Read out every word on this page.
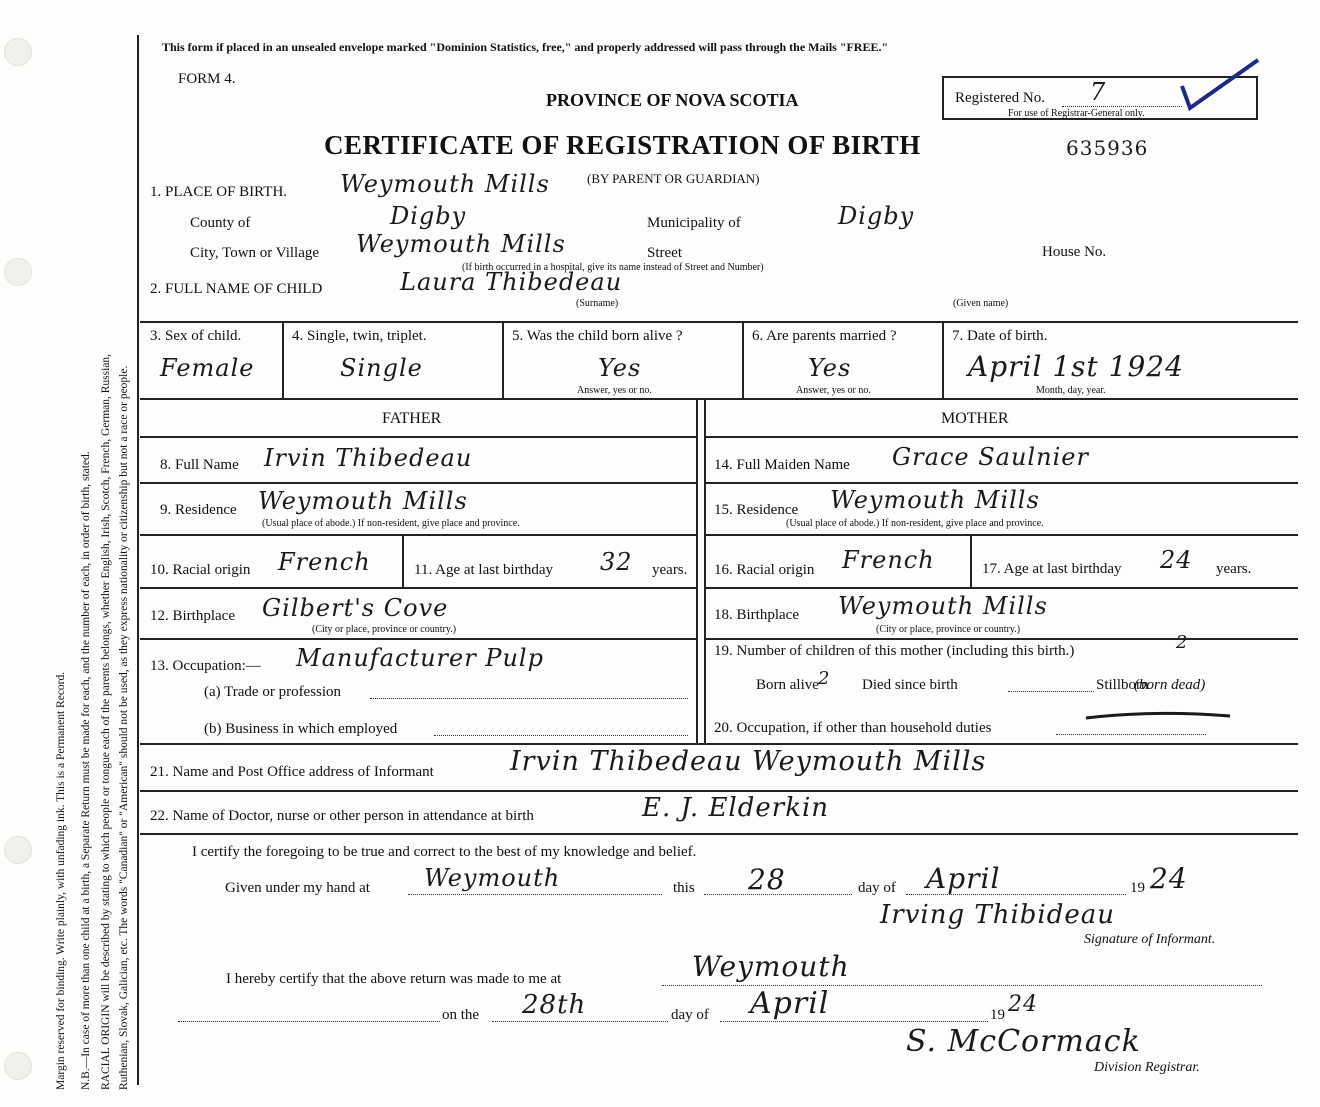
Margin reserved for binding. Write plainly, with unfading ink. This is a Permanent Record. N.B.—In case of more than one child at a birth, a Separate Return must be made for each, and the number of each, in order of birth, stated. RACIAL ORIGIN will be described by stating to which people or tongue each of the parents belongs, whether English, Irish, Scotch, French, German, Russian, Ruthenian, Slovak, Galician, etc. The words "Canadian" or "American" should not be used, as they express nationality or citizenship but not a race or people.
This form if placed in an unsealed envelope marked "Dominion Statistics, free," and properly addressed will pass through the Mails "FREE."
FORM 4.
PROVINCE OF NOVA SCOTIA
CERTIFICATE OF REGISTRATION OF BIRTH	635936
(BY PARENT OR GUARDIAN)
Registered No. 7
For use of Registrar-General only.
1. PLACE OF BIRTH. Weymouth Mills
County of	Digby	Municipality of	Digby
City, Town or Village Weymouth Mills	Street	House No.
(If birth occurred in a hospital, give its name instead of Street and Number)
2. FULL NAME OF CHILD	Laura Thibedeau
(Surname)	(Given name)
3. Sex of child.
Female
4. Single, twin, triplet.
Single
5. Was the child born alive ?
Yes
Answer, yes or no.
6. Are parents married ?
Yes
Answer, yes or no.
7. Date of birth.
April 1st 1924
Month, day, year.
FATHER	MOTHER
8. Full Name Irvin Thibedeau
9. Residence Weymouth Mills
(Usual place of abode.) If non-resident, give place and province.
10. Racial origin French	11. Age at last birthday 32 years.
12. Birthplace Gilbert's Cove
(City or place, province or country.)
13. Occupation:— Manufacturer Pulp
(a) Trade or profession
(b) Business in which employed
14. Full Maiden Name Grace Saulnier
15. Residence Weymouth Mills
(Usual place of abode.) If non-resident, give place and province.
16. Racial origin French	17. Age at last birthday 24 years.
18. Birthplace Weymouth Mills
(City or place, province or country.)
19. Number of children of this mother (including this birth.)	2
Born alive 2 Died since birth	Stillborn
(born dead)
20. Occupation, if other than household duties
21. Name and Post Office address of Informant	Irvin Thibedeau Weymouth Mills
22. Name of Doctor, nurse or other person in attendance at birth	E. J. Elderkin
I certify the foregoing to be true and correct to the best of my knowledge and belief.
Given under my hand at Weymouth	this 28	day of April	19 24
Irving Thibideau
Signature of Informant.
I hereby certify that the above return was made to me at	Weymouth
on the 28th	day of April	19 24
S. McCormack
Division Registrar.
